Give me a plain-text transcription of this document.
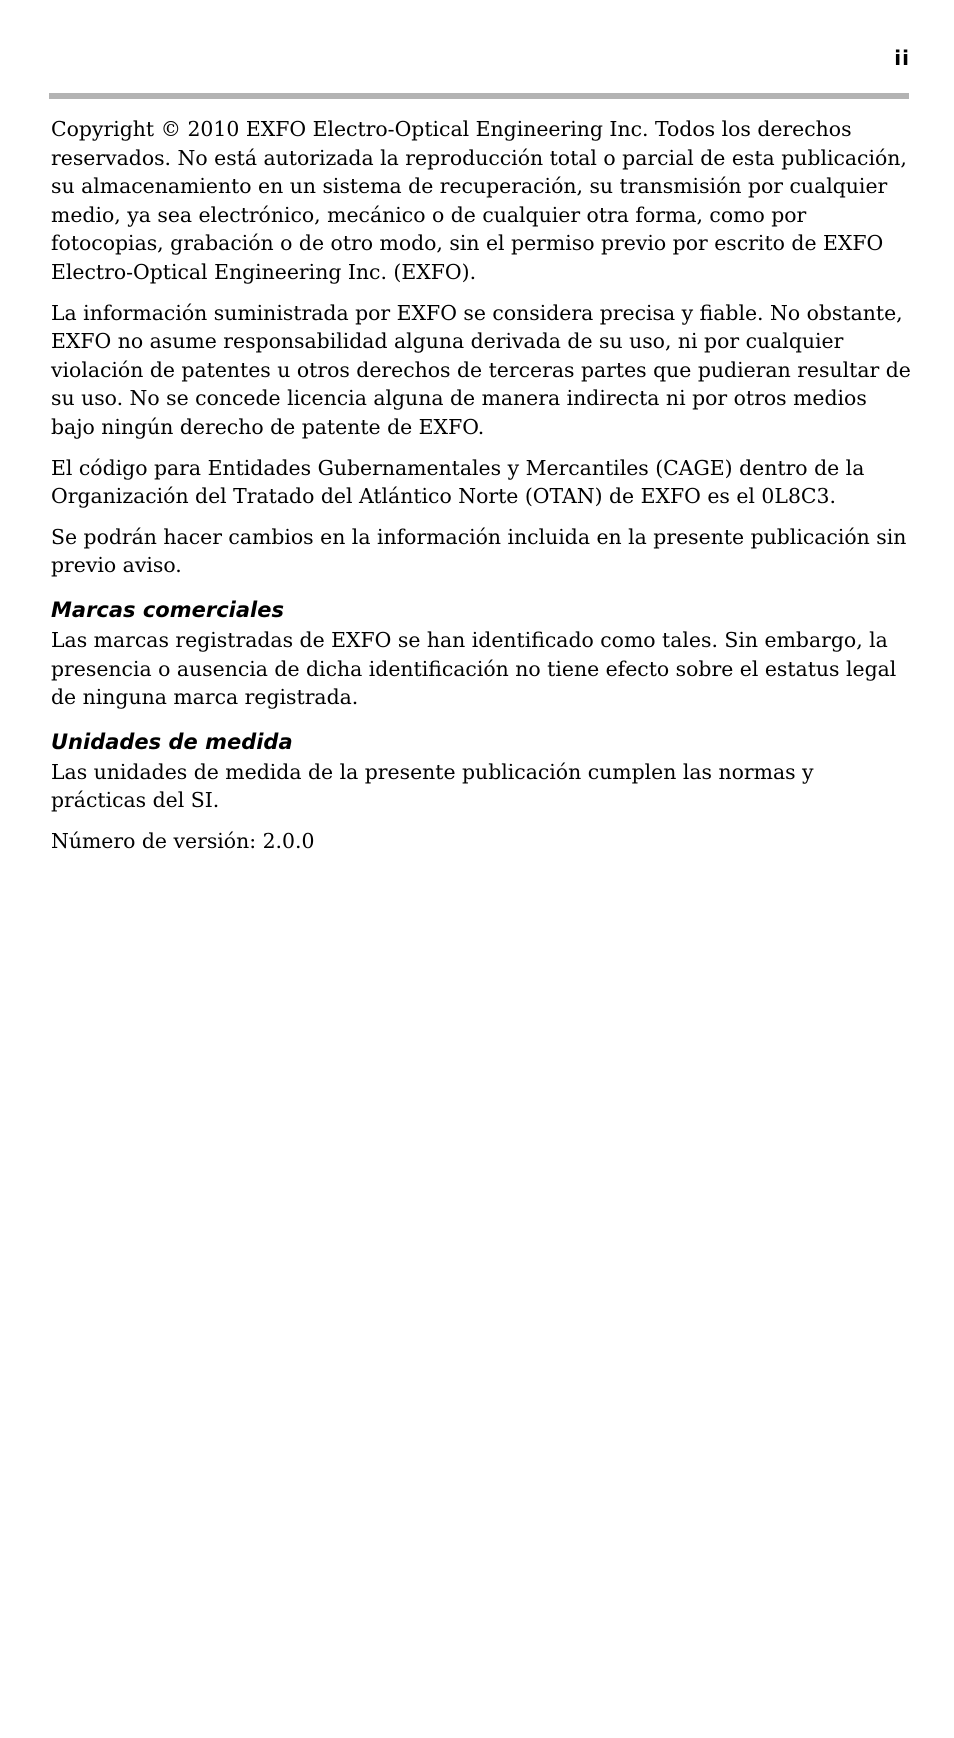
ii

Copyright © 2010 EXFO Electro-Optical Engineering Inc. Todos los derechos reservados. No está autorizada la reproducción total o parcial de esta publicación, su almacenamiento en un sistema de recuperación, su transmisión por cualquier medio, ya sea electrónico, mecánico o de cualquier otra forma, como por fotocopias, grabación o de otro modo, sin el permiso previo por escrito de EXFO Electro-Optical Engineering Inc. (EXFO).

La información suministrada por EXFO se considera precisa y fiable. No obstante, EXFO no asume responsabilidad alguna derivada de su uso, ni por cualquier violación de patentes u otros derechos de terceras partes que pudieran resultar de su uso. No se concede licencia alguna de manera indirecta ni por otros medios bajo ningún derecho de patente de EXFO.

El código para Entidades Gubernamentales y Mercantiles (CAGE) dentro de la Organización del Tratado del Atlántico Norte (OTAN) de EXFO es el 0L8C3.

Se podrán hacer cambios en la información incluida en la presente publicación sin previo aviso.

Marcas comerciales

Las marcas registradas de EXFO se han identificado como tales. Sin embargo, la presencia o ausencia de dicha identificación no tiene efecto sobre el estatus legal de ninguna marca registrada.

Unidades de medida

Las unidades de medida de la presente publicación cumplen las normas y prácticas del SI.

Número de versión: 2.0.0
